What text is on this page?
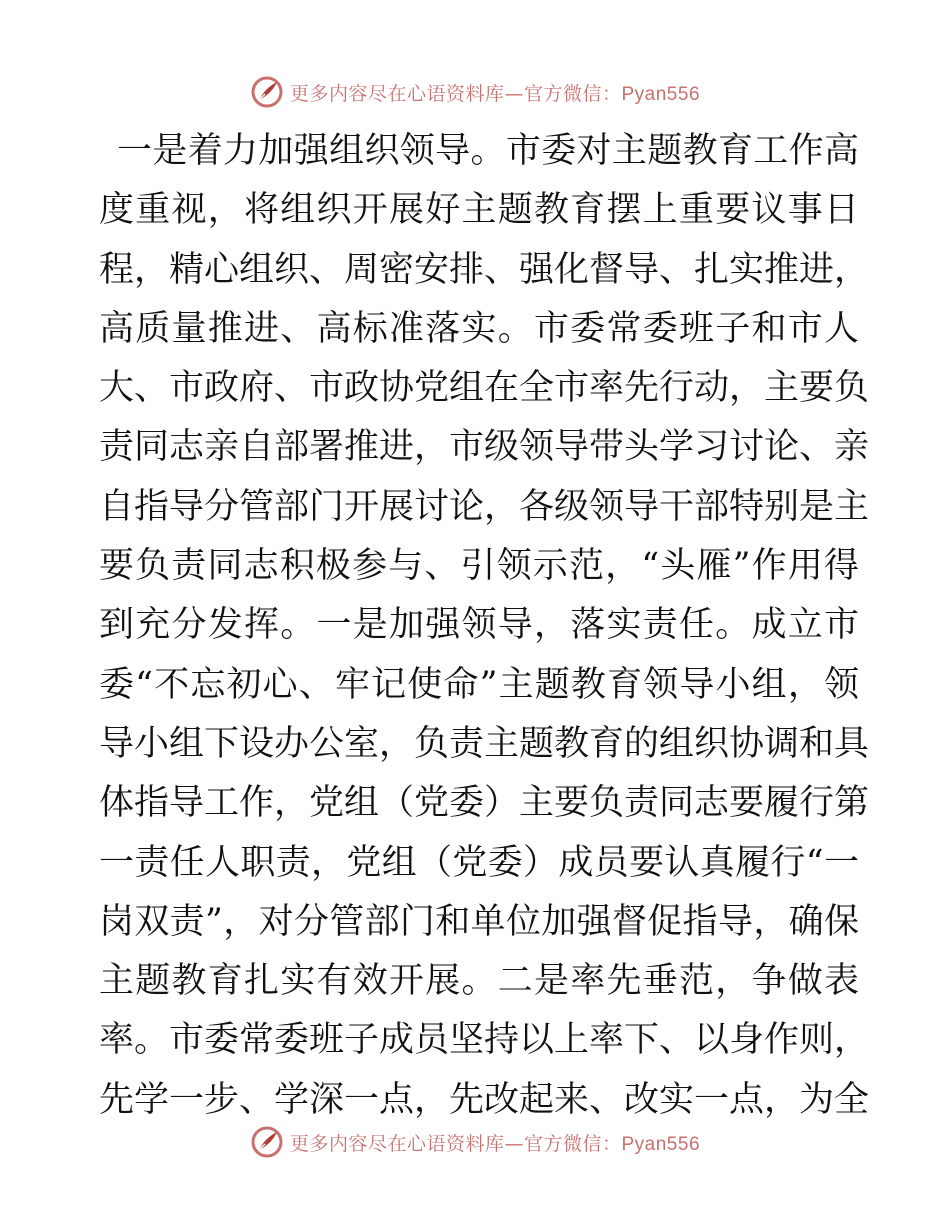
更多内容尽在心语资料库—官方微信：Pyan556
一是着力加强组织领导。市委对主题教育工作高
度重视，将组织开展好主题教育摆上重要议事日
程，精心组织、周密安排、强化督导、扎实推进，
高质量推进、高标准落实。市委常委班子和市人
大、市政府、市政协党组在全市率先行动，主要负
责同志亲自部署推进，市级领导带头学习讨论、亲
自指导分管部门开展讨论，各级领导干部特别是主
要负责同志积极参与、引领示范，“头雁”作用得
到充分发挥。一是加强领导，落实责任。成立市
委“不忘初心、牢记使命”主题教育领导小组，领
导小组下设办公室，负责主题教育的组织协调和具
体指导工作，党组（党委）主要负责同志要履行第
一责任人职责，党组（党委）成员要认真履行“一
岗双责”，对分管部门和单位加强督促指导，确保
主题教育扎实有效开展。二是率先垂范，争做表
率。市委常委班子成员坚持以上率下、以身作则，
先学一步、学深一点，先改起来、改实一点，为全
更多内容尽在心语资料库—官方微信：Pyan556
